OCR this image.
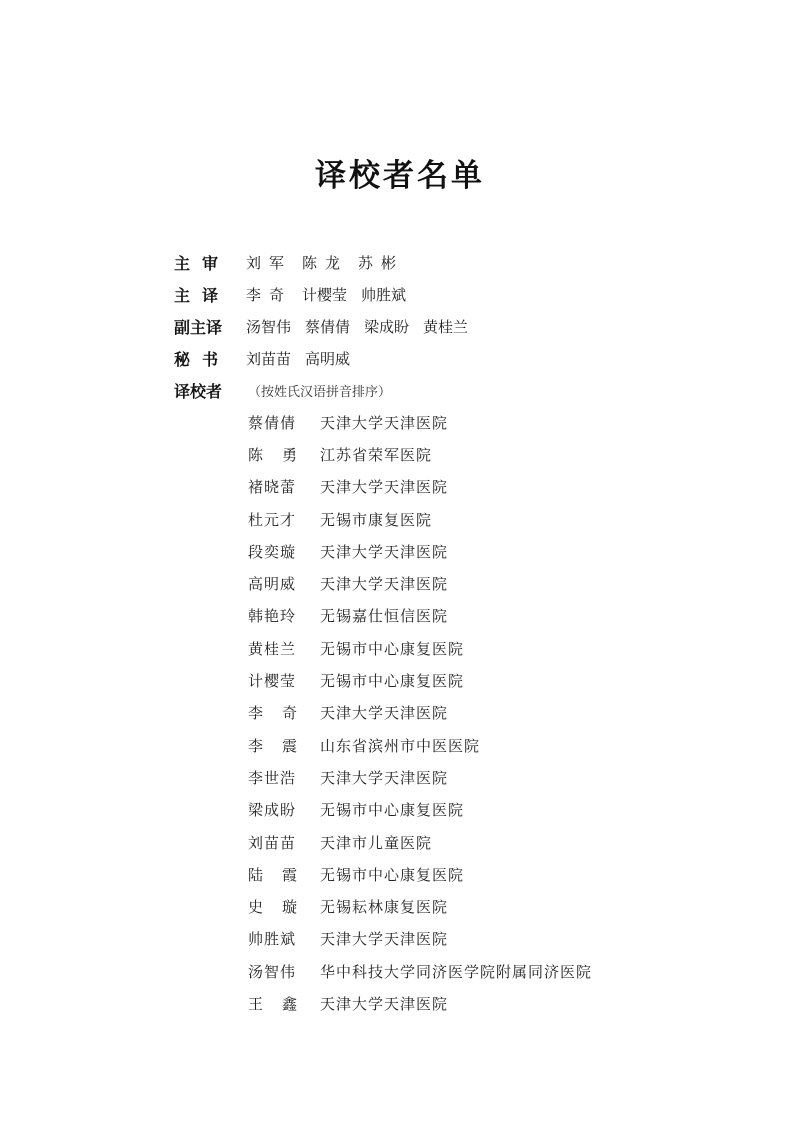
译校者名单
主审	刘军 陈龙 苏彬
主译	李奇 计樱莹 帅胜斌
副主译	汤智伟 蔡倩倩 梁成盼 黄桂兰
秘书	刘苗苗 高明威
译校者	（按姓氏汉语拼音排序）
蔡倩倩	天津大学天津医院
陈勇 江苏省荣军医院
褚晓蕾	天津大学天津医院
杜元才	无锡市康复医院
段奕璇	天津大学天津医院
高明威	天津大学天津医院
韩艳玲	无锡嘉仕恒信医院
黄桂兰	无锡市中心康复医院
计樱莹	无锡市中心康复医院
李奇 天津大学天津医院
李震 山东省滨州市中医医院
李世浩	天津大学天津医院
梁成盼	无锡市中心康复医院
刘苗苗	天津市儿童医院
陆霞 无锡市中心康复医院
史璇 无锡耘林康复医院
帅胜斌	天津大学天津医院
汤智伟	华中科技大学同济医学院附属同济医院
王鑫 天津大学天津医院
